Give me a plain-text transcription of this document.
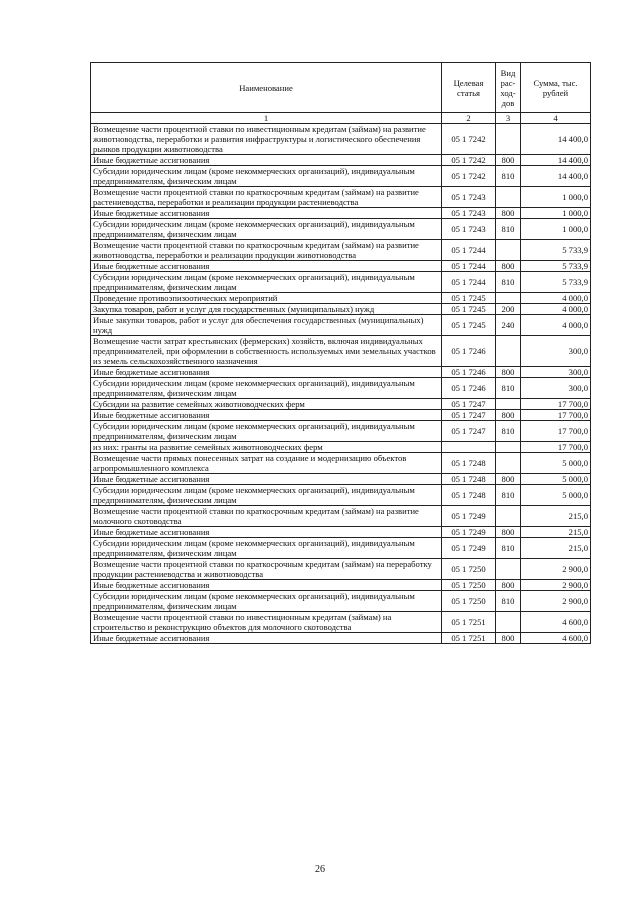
Наименование	Целевая статья	Вид рас-ход-дов	Сумма, тыс. рублей
1	2	3	4
Возмещение части процентной ставки по инвестиционным кредитам (займам) на развитие животноводства, переработки и развития инфраструктуры и логистического обеспечения рынков продукции животноводства	05 1 7242		14 400,0
Иные бюджетные ассигнования	05 1 7242	800	14 400,0
Субсидии юридическим лицам (кроме некоммерческих организаций), индивидуальным предпринимателям, физическим лицам	05 1 7242	810	14 400,0
Возмещение части процентной ставки по краткосрочным кредитам (займам) на развитие растениеводства, переработки и реализации продукции растениеводства	05 1 7243		1 000,0
Иные бюджетные ассигнования	05 1 7243	800	1 000,0
Субсидии юридическим лицам (кроме некоммерческих организаций), индивидуальным предпринимателям, физическим лицам	05 1 7243	810	1 000,0
Возмещение части процентной ставки по краткосрочным кредитам (займам) на развитие животноводства, переработки и реализации продукции животноводства	05 1 7244		5 733,9
Иные бюджетные ассигнования	05 1 7244	800	5 733,9
Субсидии юридическим лицам (кроме некоммерческих организаций), индивидуальным предпринимателям, физическим лицам	05 1 7244	810	5 733,9
Проведение противоэпизоотических мероприятий	05 1 7245		4 000,0
Закупка товаров, работ и услуг для государственных (муниципальных) нужд	05 1 7245	200	4 000,0
Иные закупки товаров, работ и услуг для обеспечения государственных (муниципальных) нужд	05 1 7245	240	4 000,0
Возмещение части затрат крестьянских (фермерских) хозяйств, включая индивидуальных предпринимателей, при оформлении в собственность используемых ими земельных участков из земель сельскохозяйственного назначения	05 1 7246		300,0
Иные бюджетные ассигнования	05 1 7246	800	300,0
Субсидии юридическим лицам (кроме некоммерческих организаций), индивидуальным предпринимателям, физическим лицам	05 1 7246	810	300,0
Субсидии на развитие семейных животноводческих ферм	05 1 7247		17 700,0
Иные бюджетные ассигнования	05 1 7247	800	17 700,0
Субсидии юридическим лицам (кроме некоммерческих организаций), индивидуальным предпринимателям, физическим лицам	05 1 7247	810	17 700,0
из них: гранты на развитие семейных животноводческих ферм			17 700,0
Возмещение части прямых понесенных затрат на создание и модернизацию объектов агропромышленного комплекса	05 1 7248		5 000,0
Иные бюджетные ассигнования	05 1 7248	800	5 000,0
Субсидии юридическим лицам (кроме некоммерческих организаций), индивидуальным предпринимателям, физическим лицам	05 1 7248	810	5 000,0
Возмещение части процентной ставки по краткосрочным кредитам (займам) на развитие молочного скотоводства	05 1 7249		215,0
Иные бюджетные ассигнования	05 1 7249	800	215,0
Субсидии юридическим лицам (кроме некоммерческих организаций), индивидуальным предпринимателям, физическим лицам	05 1 7249	810	215,0
Возмещение части процентной ставки по краткосрочным кредитам (займам) на переработку продукции растениеводства и животноводства	05 1 7250		2 900,0
Иные бюджетные ассигнования	05 1 7250	800	2 900,0
Субсидии юридическим лицам (кроме некоммерческих организаций), индивидуальным предпринимателям, физическим лицам	05 1 7250	810	2 900,0
Возмещение части процентной ставки по инвестиционным кредитам (займам) на строительство и реконструкцию объектов для молочного скотоводства	05 1 7251		4 600,0
Иные бюджетные ассигнования	05 1 7251	800	4 600,0
26
